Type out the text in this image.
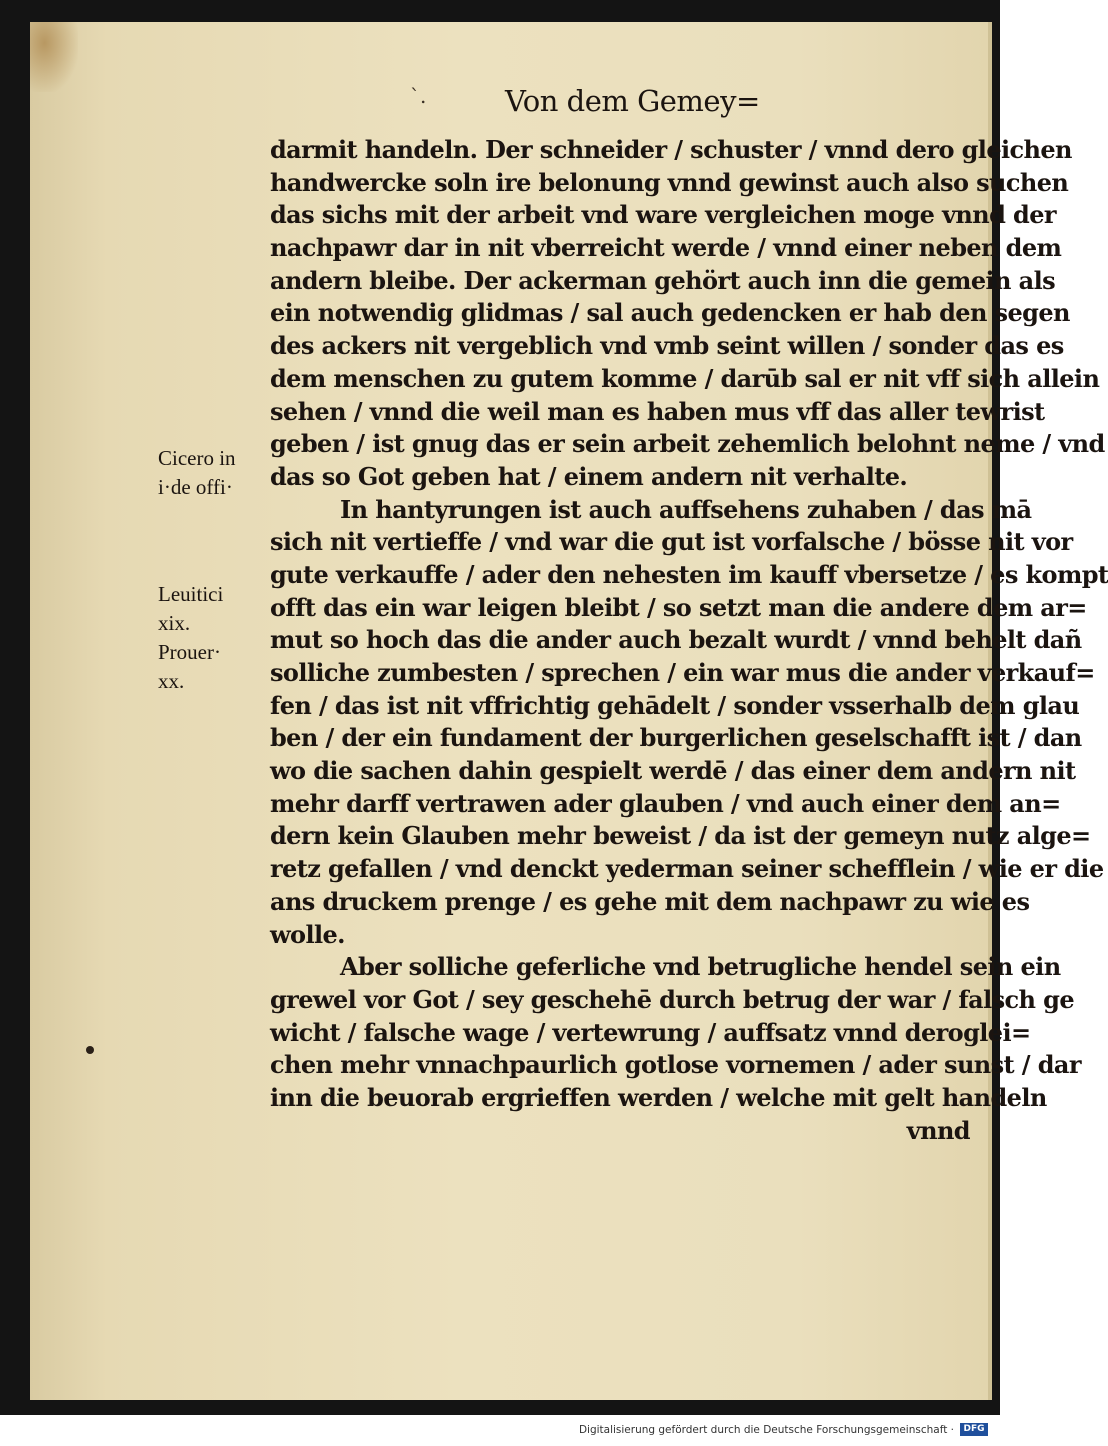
`.	Von dem Gemey=
Cicero in
i·de offi·
Leuitici
xix.
Prouer·
xx.
darmit handeln. Der schneider / schuster / vnnd dero gleichen
handwercke soln ire belonung vnnd gewinst auch also suchen
das sichs mit der arbeit vnd ware vergleichen moge vnnd der
nachpawr dar in nit vberreicht werde / vnnd einer neben dem
andern bleibe. Der ackerman gehört auch inn die gemein als
ein notwendig glidmas / sal auch gedencken er hab den segen
des ackers nit vergeblich vnd vmb seint willen / sonder das es
dem menschen zu gutem komme / darūb sal er nit vff sich allein
sehen / vnnd die weil man es haben mus vff das aller tewrist
geben / ist gnug das er sein arbeit zehemlich belohnt neme / vnd
das so Got geben hat / einem andern nit verhalte.
In hantyrungen ist auch auffsehens zuhaben / das mā
sich nit vertieffe / vnd war die gut ist vorfalsche / bösse nit vor
gute verkauffe / ader den nehesten im kauff vbersetze / es kompt
offt das ein war leigen bleibt / so setzt man die andere dem ar=
mut so hoch das die ander auch bezalt wurdt / vnnd behelt dañ
solliche zumbesten / sprechen / ein war mus die ander verkauf=
fen / das ist nit vffrichtig gehādelt / sonder vsserhalb dem glau
ben / der ein fundament der burgerlichen geselschafft ist / dan
wo die sachen dahin gespielt werdē / das einer dem andern nit
mehr darff vertrawen ader glauben / vnd auch einer dem an=
dern kein Glauben mehr beweist / da ist der gemeyn nutz alge=
retz gefallen / vnd denckt yederman seiner schefflein / wie er die
ans druckem prenge / es gehe mit dem nachpawr zu wie es
wolle.
Aber solliche geferliche vnd betrugliche hendel sein ein
grewel vor Got / sey geschehē durch betrug der war / falsch ge
wicht / falsche wage / vertewrung / auffsatz vnnd deroglei=
chen mehr vnnachpaurlich gotlose vornemen / ader sunst / dar
inn die beuorab ergrieffen werden / welche mit gelt handeln
vnnd
Digitalisierung gefördert durch die Deutsche Forschungsgemeinschaft ·	DFG
